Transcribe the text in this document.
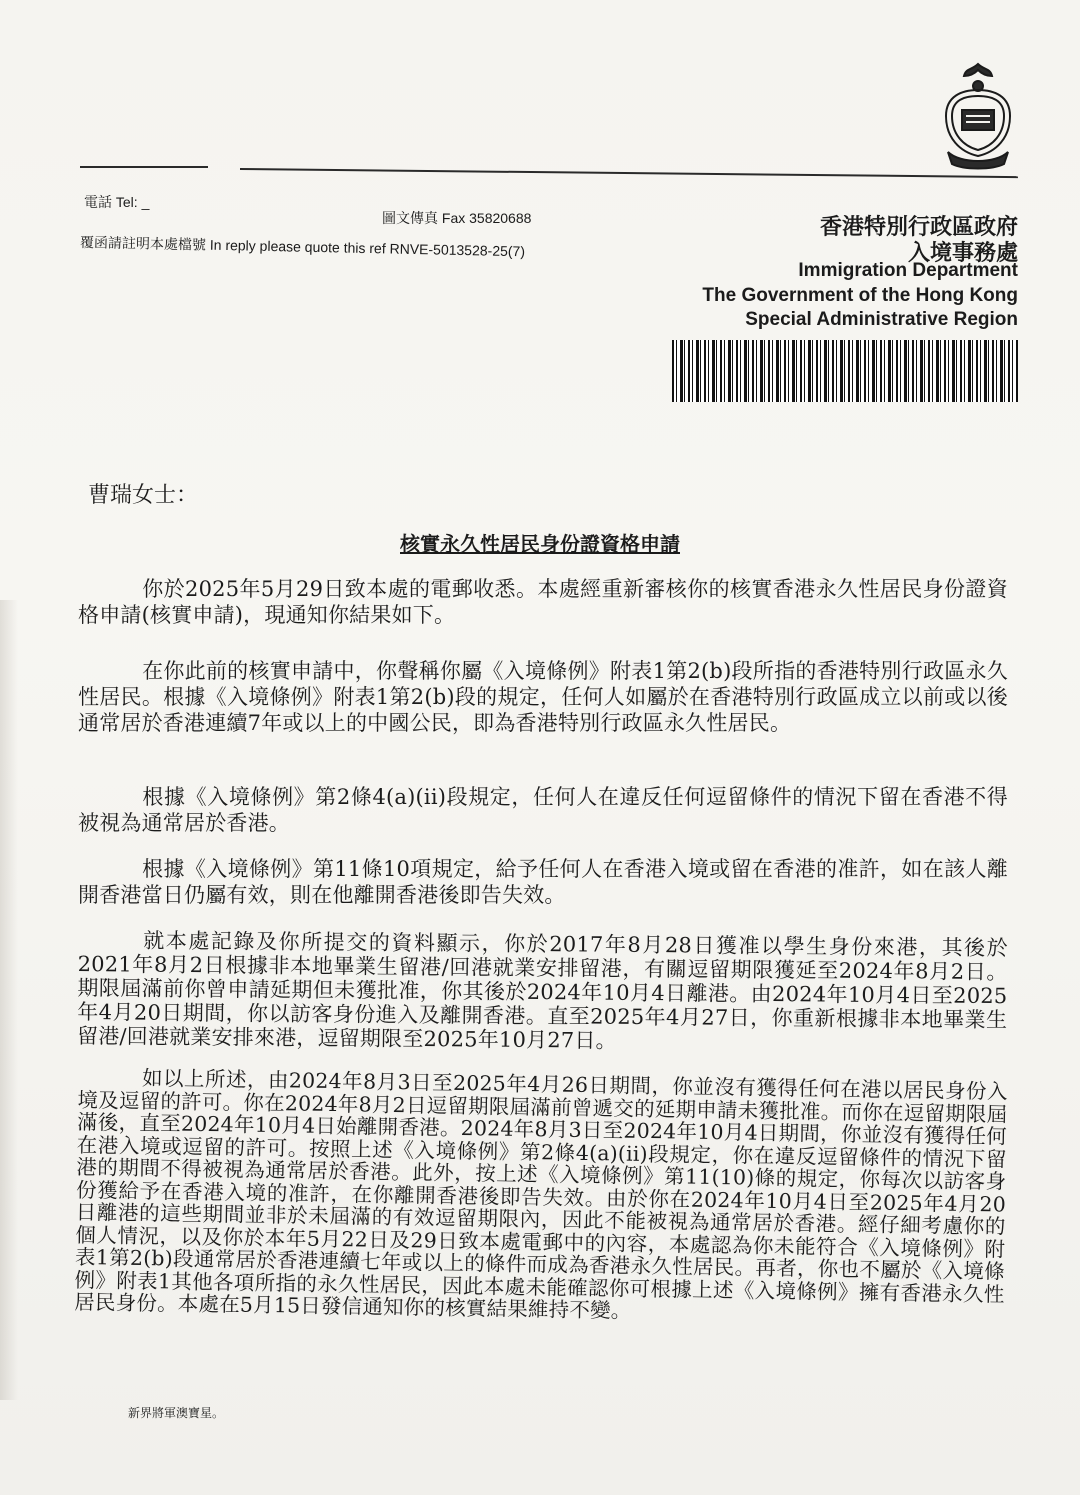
電話 Tel: _
圖文傳真 Fax 35820688
覆函請註明本處檔號 In reply please quote this ref RNVE-5013528-25(7)
香港特別行政區政府
入境事務處
Immigration Department
The Government of the Hong Kong
Special Administrative Region
曹瑞女士：
核實永久性居民身份證資格申請
你於2025年5月29日致本處的電郵收悉。本處經重新審核你的核實香港永久性居民身份證資格申請(核實申請)，現通知你結果如下。
在你此前的核實申請中，你聲稱你屬《入境條例》附表1第2(b)段所指的香港特別行政區永久性居民。根據《入境條例》附表1第2(b)段的規定，任何人如屬於在香港特別行政區成立以前或以後通常居於香港連續7年或以上的中國公民，即為香港特別行政區永久性居民。
根據《入境條例》第2條4(a)(ii)段規定，任何人在違反任何逗留條件的情況下留在香港不得被視為通常居於香港。
根據《入境條例》第11條10項規定，給予任何人在香港入境或留在香港的准許，如在該人離開香港當日仍屬有效，則在他離開香港後即告失效。
就本處記錄及你所提交的資料顯示，你於2017年8月28日獲准以學生身份來港，其後於2021年8月2日根據非本地畢業生留港/回港就業安排留港，有關逗留期限獲延至2024年8月2日。期限屆滿前你曾申請延期但未獲批准，你其後於2024年10月4日離港。由2024年10月4日至2025年4月20日期間，你以訪客身份進入及離開香港。直至2025年4月27日，你重新根據非本地畢業生留港/回港就業安排來港，逗留期限至2025年10月27日。
如以上所述，由2024年8月3日至2025年4月26日期間，你並沒有獲得任何在港以居民身份入境及逗留的許可。你在2024年8月2日逗留期限屆滿前曾遞交的延期申請未獲批准。而你在逗留期限屆滿後，直至2024年10月4日始離開香港。2024年8月3日至2024年10月4日期間，你並沒有獲得任何在港入境或逗留的許可。按照上述《入境條例》第2條4(a)(ii)段規定，你在違反逗留條件的情況下留港的期間不得被視為通常居於香港。此外，按上述《入境條例》第11(10)條的規定，你每次以訪客身份獲給予在香港入境的准許，在你離開香港後即告失效。由於你在2024年10月4日至2025年4月20日離港的這些期間並非於未屆滿的有效逗留期限內，因此不能被視為通常居於香港。經仔細考慮你的個人情況，以及你於本年5月22日及29日致本處電郵中的內容，本處認為你未能符合《入境條例》附表1第2(b)段通常居於香港連續七年或以上的條件而成為香港永久性居民。再者，你也不屬於《入境條例》附表1其他各項所指的永久性居民，因此本處未能確認你可根據上述《入境條例》擁有香港永久性居民身份。本處在5月15日發信通知你的核實結果維持不變。
新界將軍澳寶星。
